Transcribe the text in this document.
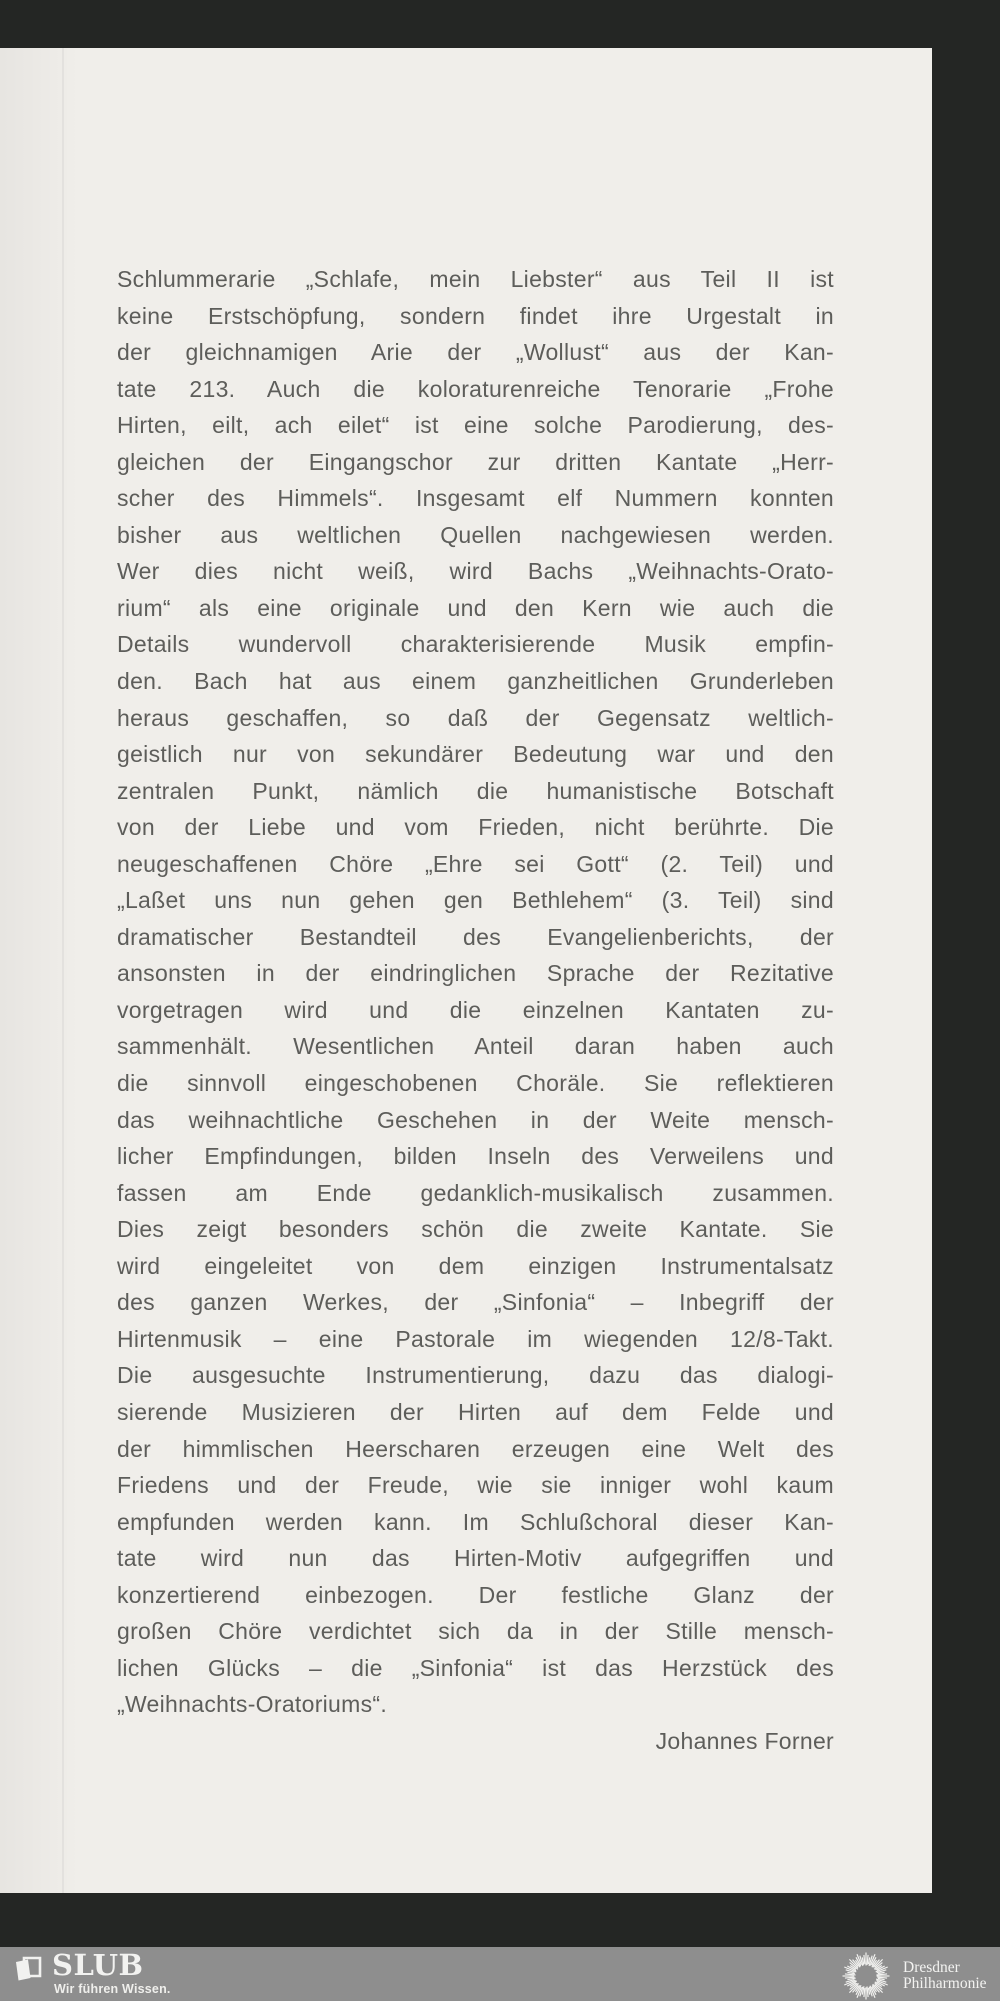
Schlummerarie „Schlafe, mein Liebster“ aus Teil II ist
keine Erstschöpfung, sondern findet ihre Urgestalt in
der gleichnamigen Arie der „Wollust“ aus der Kan-
tate 213. Auch die koloraturenreiche Tenorarie „Frohe
Hirten, eilt, ach eilet“ ist eine solche Parodierung, des-
gleichen der Eingangschor zur dritten Kantate „Herr-
scher des Himmels“. Insgesamt elf Nummern konnten
bisher aus weltlichen Quellen nachgewiesen werden.
Wer dies nicht weiß, wird Bachs „Weihnachts-Orato-
rium“ als eine originale und den Kern wie auch die
Details wundervoll charakterisierende Musik empfin-
den. Bach hat aus einem ganzheitlichen Grunderleben
heraus geschaffen, so daß der Gegensatz weltlich-
geistlich nur von sekundärer Bedeutung war und den
zentralen Punkt, nämlich die humanistische Botschaft
von der Liebe und vom Frieden, nicht berührte. Die
neugeschaffenen Chöre „Ehre sei Gott“ (2. Teil) und
„Laßet uns nun gehen gen Bethlehem“ (3. Teil) sind
dramatischer Bestandteil des Evangelienberichts, der
ansonsten in der eindringlichen Sprache der Rezitative
vorgetragen wird und die einzelnen Kantaten zu-
sammenhält. Wesentlichen Anteil daran haben auch
die sinnvoll eingeschobenen Choräle. Sie reflektieren
das weihnachtliche Geschehen in der Weite mensch-
licher Empfindungen, bilden Inseln des Verweilens und
fassen am Ende gedanklich-musikalisch zusammen.
Dies zeigt besonders schön die zweite Kantate. Sie
wird eingeleitet von dem einzigen Instrumentalsatz
des ganzen Werkes, der „Sinfonia“ – Inbegriff der
Hirtenmusik – eine Pastorale im wiegenden 12/8-Takt.
Die ausgesuchte Instrumentierung, dazu das dialogi-
sierende Musizieren der Hirten auf dem Felde und
der himmlischen Heerscharen erzeugen eine Welt des
Friedens und der Freude, wie sie inniger wohl kaum
empfunden werden kann. Im Schlußchoral dieser Kan-
tate wird nun das Hirten-Motiv aufgegriffen und
konzertierend einbezogen. Der festliche Glanz der
großen Chöre verdichtet sich da in der Stille mensch-
lichen Glücks – die „Sinfonia“ ist das Herzstück des
„Weihnachts-Oratoriums“.
Johannes Forner
SLUB
Wir führen Wissen.
Dresdner
Philharmonie
